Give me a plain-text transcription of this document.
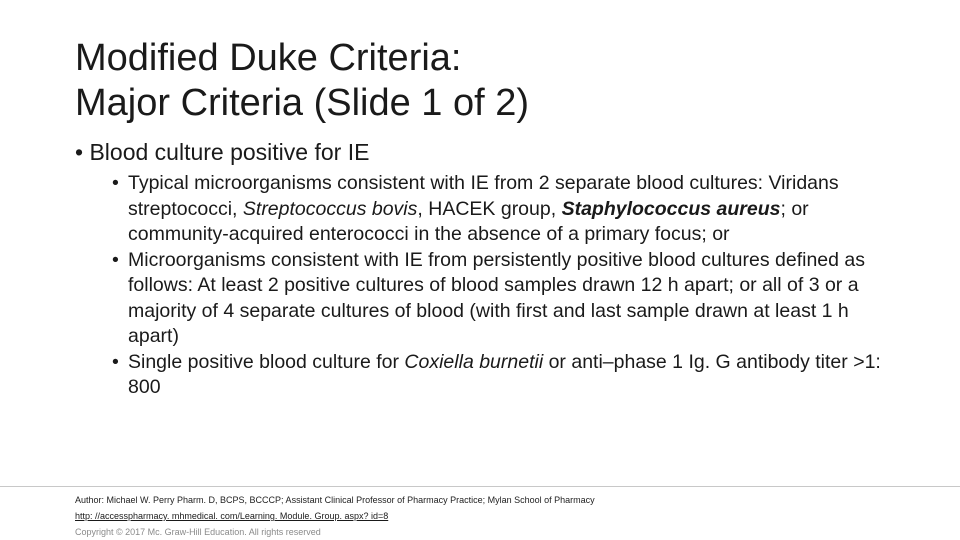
Modified Duke Criteria:
Major Criteria (Slide 1 of 2)
• Blood culture positive for IE
• Typical microorganisms consistent with IE from 2 separate blood cultures: Viridans streptococci, Streptococcus bovis, HACEK group, Staphylococcus aureus; or community-acquired enterococci in the absence of a primary focus; or
• Microorganisms consistent with IE from persistently positive blood cultures defined as follows: At least 2 positive cultures of blood samples drawn 12 h apart; or all of 3 or a majority of 4 separate cultures of blood (with first and last sample drawn at least 1 h apart)
• Single positive blood culture for Coxiella burnetii or anti–phase 1 Ig. G antibody titer >1: 800
Author: Michael W. Perry Pharm. D, BCPS, BCCCP; Assistant Clinical Professor of Pharmacy Practice; Mylan School of Pharmacy
http: //accesspharmacy. mhmedical. com/Learning. Module. Group. aspx? id=8
Copyright © 2017 Mc. Graw-Hill Education. All rights reserved
